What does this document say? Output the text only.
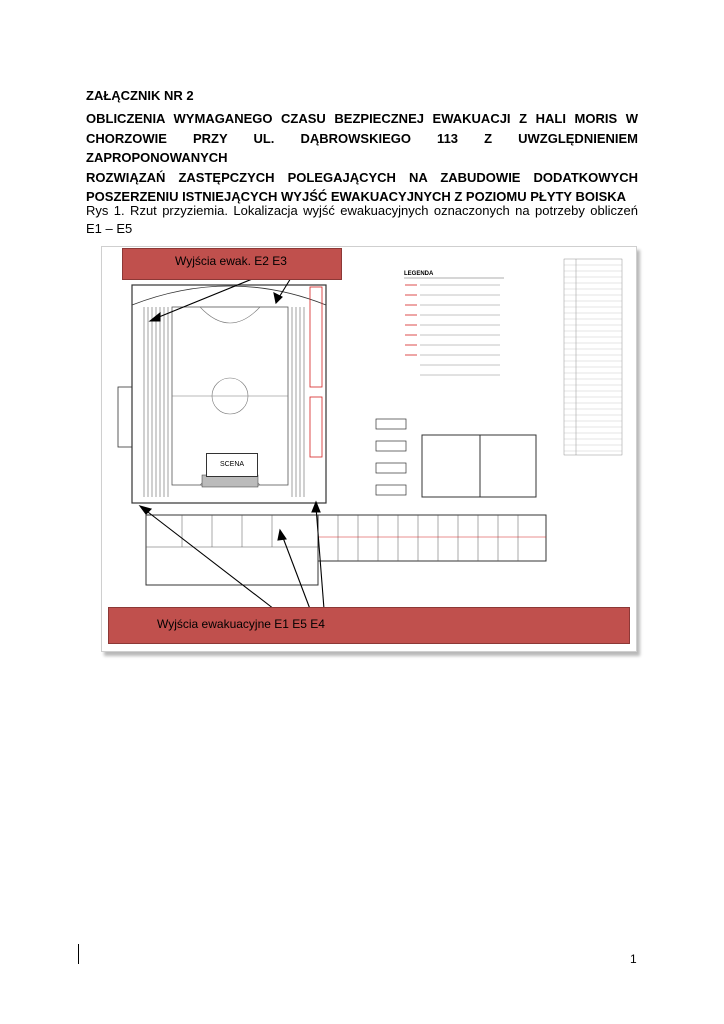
ZAŁĄCZNIK NR 2
OBLICZENIA WYMAGANEGO CZASU BEZPIECZNEJ EWAKUACJI Z HALI MORIS W
CHORZOWIE PRZY UL. DĄBROWSKIEGO 113 Z UWZGLĘDNIENIEM ZAPROPONOWANYCH
ROZWIĄZAŃ ZASTĘPCZYCH POLEGAJĄCYCH NA ZABUDOWIE DODATKOWYCH
POSZERZENIU ISTNIEJĄCYCH WYJŚĆ EWAKUACYJNYCH Z POZIOMU PŁYTY BOISKA
Rys 1. Rzut przyziemia. Lokalizacja wyjść ewakuacyjnych oznaczonych na potrzeby obliczeń E1 – E5
LEGENDA
Wyjścia ewak. E2 E3
Wyjścia ewakuacyjne E1 E5 E4
SCENA
1
